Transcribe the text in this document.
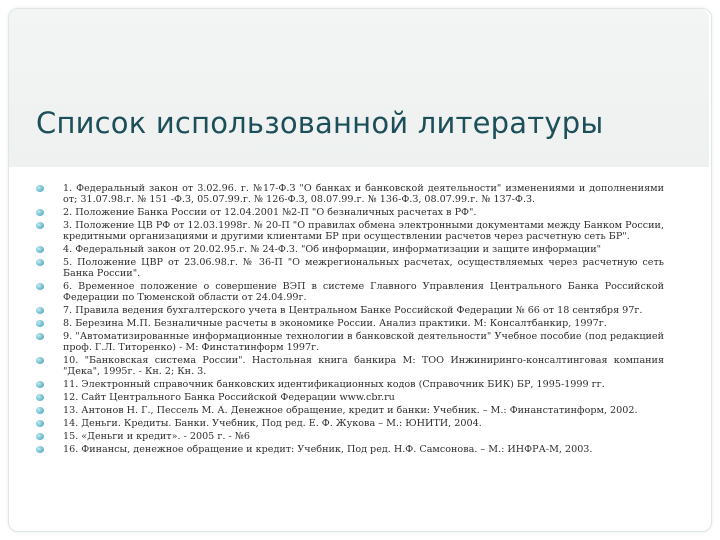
Список использованной литературы
1. Федеральный закон от 3.02.96. г. №17-Ф.З "О банках и банковской деятельности" изменениями и дополнениями от; 31.07.98.г. № 151 -Ф.З, 05.07.99.г. № 126-Ф.З, 08.07.99.г. № 136-Ф.З, 08.07.99.г. № 137-Ф.З.
2. Положение Банка России от 12.04.2001 №2-П "О безналичных расчетах в РФ".
3. Положение ЦВ РФ от 12.03.1998г. № 20-П "О правилах обмена электронными документами между Банком России, кредитными организациями и другими клиентами БР при осуществлении расчетов через расчетную сеть БР".
4. Федеральный закон от 20.02.95.г. № 24-Ф.З. "Об информации, информатизации и защите информации"
5. Положение ЦВР от 23.06.98.г. № 36-П "О межрегиональных расчетах, осуществляемых через расчетную сеть Банка России".
6. Временное положение о совершение ВЭП в системе Главного Управления Центрального Банка Российской Федерации по Тюменской области от 24.04.99г.
7. Правила ведения бухгалтерского учета в Центральном Банке Российской Федерации № 66 от 18 сентября 97г.
8. Березина М.П. Безналичные расчеты в экономике России. Анализ практики. М: Консалтбанкир, 1997г.
9. "Автоматизированные информационные технологии в банковской деятельности" Учебное пособие (под редакцией проф. Г.Л. Титоренко) - М: Финстатинформ 1997г.
10. "Банковская система России". Настольная книга банкира М: ТОО Инжиниринго-консалтинговая компания "Дека", 1995г. - Кн. 2; Кн. 3.
11. Электронный справочник банковских идентификационных кодов (Справочник БИК) БР, 1995-1999 гг.
12. Сайт Центрального Банка Российской Федерации www.cbr.ru
13. Антонов Н. Г., Пессель М. А. Денежное обращение, кредит и банки: Учебник. – М.: Финанстатинформ, 2002.
14. Деньги. Кредиты. Банки. Учебник, Под ред. Е. Ф. Жукова – М.: ЮНИТИ, 2004.
15. «Деньги и кредит». - 2005 г. - №6
16. Финансы, денежное обращение и кредит: Учебник, Под ред. Н.Ф. Самсонова. – М.: ИНФРА-М, 2003.
